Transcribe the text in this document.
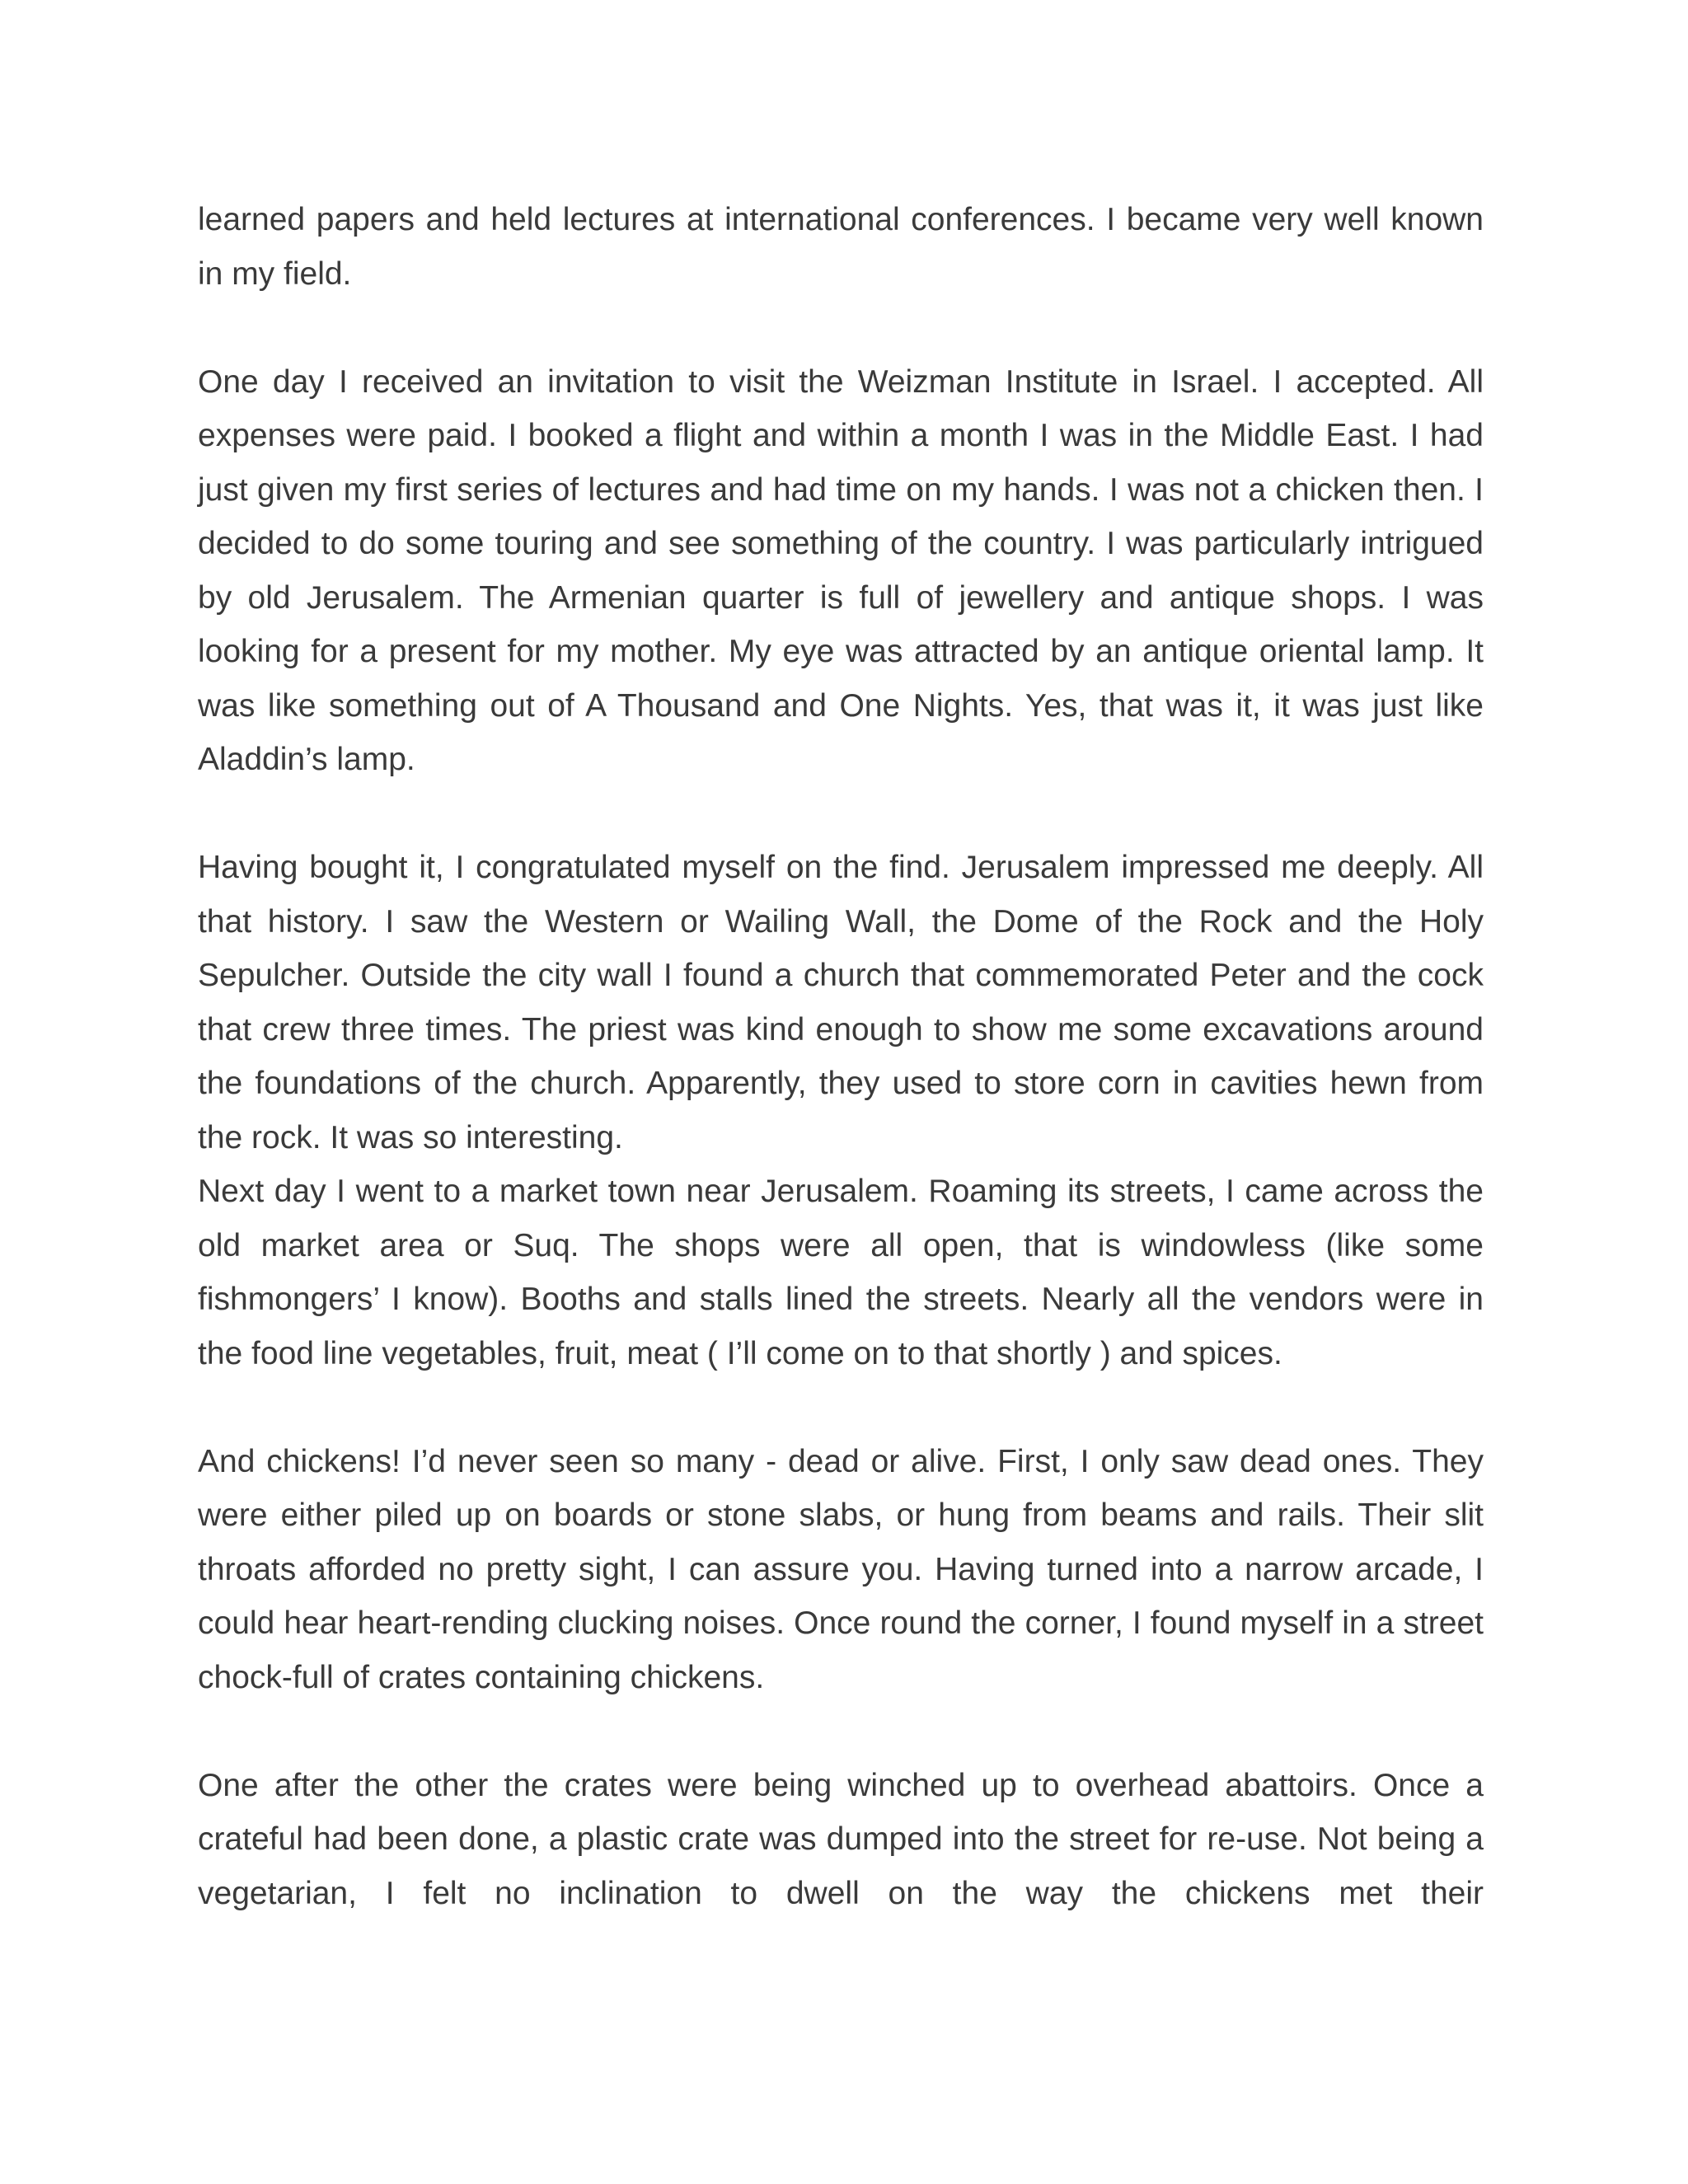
learned papers and held lectures at international conferences. I became very well known in my field.

One day I received an invitation to visit the Weizman Institute in Israel. I accepted. All expenses were paid. I booked a flight and within a month I was in the Middle East. I had just given my first series of lectures and had time on my hands. I was not a chicken then. I decided to do some touring and see something of the country. I was particularly intrigued by old Jerusalem. The Armenian quarter is full of jewellery and antique shops. I was looking for a present for my mother. My eye was attracted by an antique oriental lamp. It was like something out of A Thousand and One Nights. Yes, that was it, it was just like Aladdin’s lamp.

Having bought it, I congratulated myself on the find. Jerusalem impressed me deeply. All that history. I saw the Western or Wailing Wall, the Dome of the Rock and the Holy Sepulcher. Outside the city wall I found a church that commemorated Peter and the cock that crew three times. The priest was kind enough to show me some excavations around the foundations of the church. Apparently, they used to store corn in cavities hewn from the rock. It was so interesting.
Next day I went to a market town near Jerusalem. Roaming its streets, I came across the old market area or Suq. The shops were all open, that is windowless (like some fishmongers’ I know). Booths and stalls lined the streets. Nearly all the vendors were in the food line vegetables, fruit, meat ( I’ll come on to that shortly ) and spices.

And chickens! I’d never seen so many - dead or alive. First, I only saw dead ones. They were either piled up on boards or stone slabs, or hung from beams and rails. Their slit throats afforded no pretty sight, I can assure you. Having turned into a narrow arcade, I could hear heart-rending clucking noises. Once round the corner, I found myself in a street chock-full of crates containing chickens.

One after the other the crates were being winched up to overhead abattoirs. Once a crateful had been done, a plastic crate was dumped into the street for re-use. Not being a vegetarian, I felt no inclination to dwell on the way the chickens met their
